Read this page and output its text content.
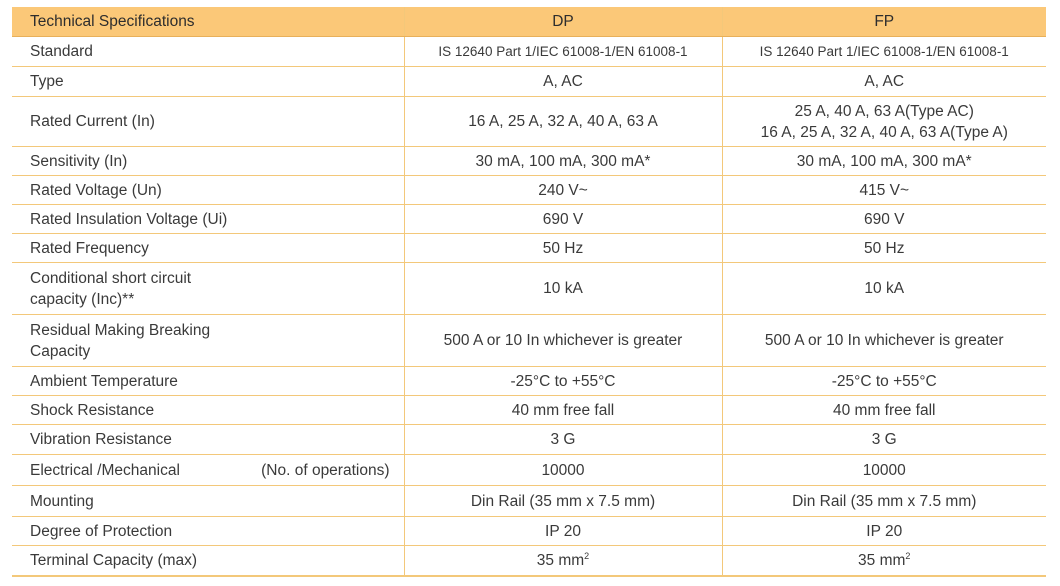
Technical Specifications	DP	FP
Standard	IS 12640 Part 1/IEC 61008-1/EN 61008-1	IS 12640 Part 1/IEC 61008-1/EN 61008-1
Type	A, AC	A, AC
Rated Current (In)	16 A, 25 A, 32 A, 40 A, 63 A	25 A, 40 A, 63 A(Type AC)
16 A, 25 A, 32 A, 40 A, 63 A(Type A)

Sensitivity (In)	30 mA, 100 mA, 300 mA*	30 mA, 100 mA, 300 mA*
Rated Voltage (Un)	240 V~	415 V~
Rated Insulation Voltage (Ui)	690 V	690 V
Rated Frequency	50 Hz	50 Hz

Conditional short circuit
capacity (Inc)**	10 kA	10 kA

Residual Making Breaking
Capacity	500 A or 10 In whichever is greater	500 A or 10 In whichever is greater
Ambient Temperature	-25°C to +55°C	-25°C to +55°C
Shock Resistance	40 mm free fall	40 mm free fall
Vibration Resistance	3 G	3 G

Electrical /Mechanical (No. of operations)	10000	10000
Mounting	Din Rail (35 mm x 7.5 mm)	Din Rail (35 mm x 7.5 mm)
Degree of Protection	IP 20	IP 20
Terminal Capacity (max)	35 $mm^2$	35 $mm^2$
